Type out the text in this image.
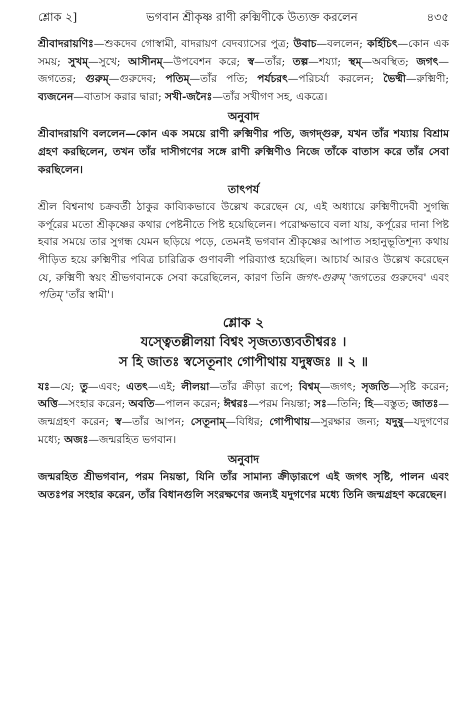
শ্লোক ২]	ভগবান শ্রীকৃষ্ণ রাণী রুক্মিণীকে উত্যক্ত করলেন	৪৩৫

শ্রীবাদরায়ণিঃ—শুকদেব গোস্বামী, বাদরায়ণ বেদব্যাসের পুত্র; উবাচ—বললেন; কর্হিচিৎ—কোন এক সময়; সুখম্—সুখে; আসীনম্—উপবেশন করে; স্ব—তাঁর; তল্প—শয্যা; স্থম্—অবস্থিত; জগৎ—জগতের; গুরুম্—গুরুদেব; পতিম্—তাঁর পতি; পর্যচরৎ—পরিচর্যা করলেন; ভৈষ্মী—রুক্মিণী; ব্যজনেন—বাতাস করার দ্বারা; সখী-জনৈঃ—তাঁর সখীগণ সহ, একত্রে।

অনুবাদ

শ্রীবাদরায়ণি বললেন—কোন এক সময়ে রাণী রুক্মিণীর পতি, জগদ্গুরু, যখন তাঁর শয্যায় বিশ্রাম গ্রহণ করছিলেন, তখন তাঁর দাসীগণের সঙ্গে রাণী রুক্মিণীও নিজে তাঁকে বাতাস করে তাঁর সেবা করছিলেন।

তাৎপর্য

শ্রীল বিশ্বনাথ চক্রবর্তী ঠাকুর কাব্যিকভাবে উল্লেখ করেছেন যে, এই অধ্যায়ে রুক্মিণীদেবী সুগন্ধি কর্পূরের মতো শ্রীকৃষ্ণের কথার পেষ্টনীতে পিষ্ট হয়েছিলেন। পরোক্ষভাবে বলা যায়, কর্পূরের দানা পিষ্ট হবার সময়ে তার সুগন্ধ যেমন ছড়িয়ে পড়ে, তেমনই ভগবান শ্রীকৃষ্ণের আপাত সহানুভূতিশূন্য কথায় পীড়িত হয়ে রুক্মিণীর পবিত্র চারিত্রিক গুণাবলী পরিব্যাপ্ত হয়েছিল। আচার্য আরও উল্লেখ করেছেন যে, রুক্মিণী স্বয়ং শ্রীভগবানকে সেবা করেছিলেন, কারণ তিনি জগৎ-গুরুম্ 'জগতের গুরুদেব' এবং পতিম্ 'তাঁর স্বামী'।

শ্লোক ২

যস্ত্বেতল্লীলয়া বিশ্বং সৃজত্যত্ত্যবতীশ্বরঃ ।

স হি জাতঃ স্বসেতূনাং গোপীথায় যদুষ্বজঃ ॥ ২ ॥

যঃ—যে; তু—এবং; এতৎ—এই; লীলয়া—তাঁর ক্রীড়া রূপে; বিশ্বম্—জগৎ; সৃজতি—সৃষ্টি করেন; অত্তি—সংহার করেন; অবতি—পালন করেন; ঈশ্বরঃ—পরম নিয়ন্তা; সঃ—তিনি; হি—বস্তুত; জাতঃ—জন্মগ্রহণ করেন; স্ব—তাঁর আপন; সেতূনাম্—বিধির; গোপীথায়—সুরক্ষার জন্য; যদুষু—যদুগণের মধ্যে; অজঃ—জন্মরহিত ভগবান।

অনুবাদ

জন্মরহিত শ্রীভগবান, পরম নিয়ন্তা, যিনি তাঁর সামান্য ক্রীড়ারূপে এই জগৎ সৃষ্টি, পালন এবং অতঃপর সংহার করেন, তাঁর বিধানগুলি সংরক্ষণের জন্যই যদুগণের মধ্যে তিনি জন্মগ্রহণ করেছেন।
